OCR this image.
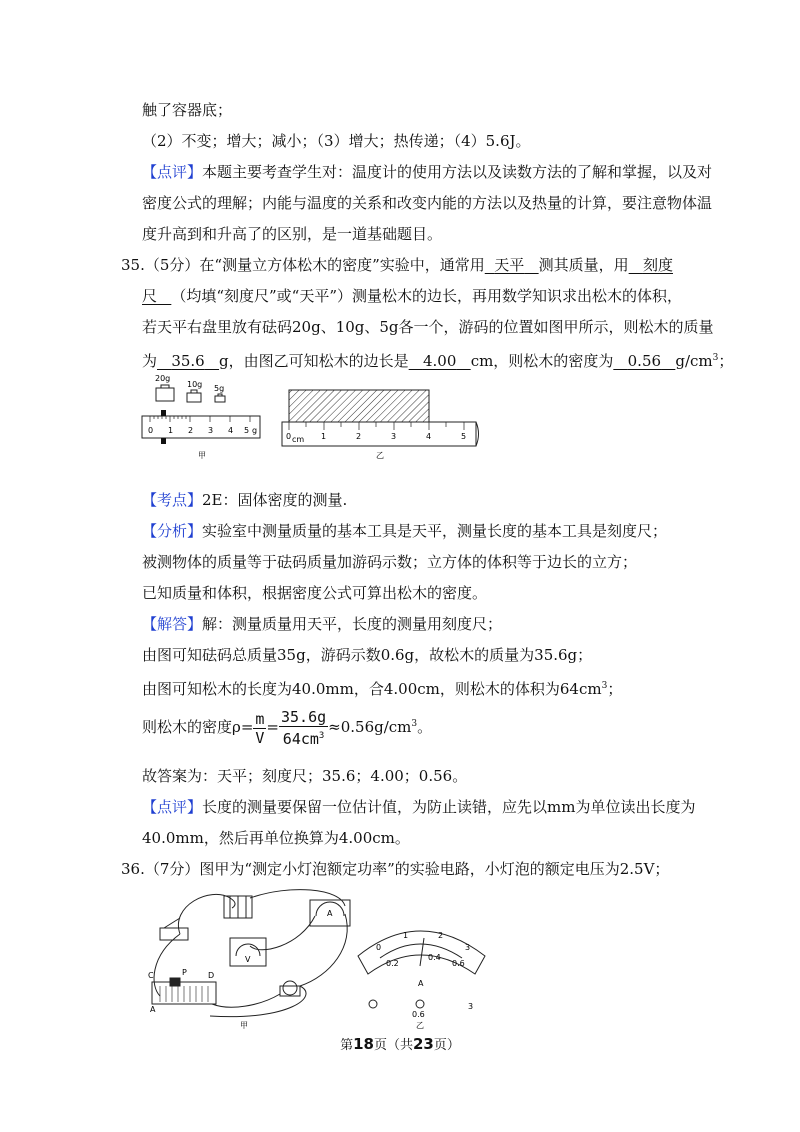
触了容器底；
（2）不变；增大；减小；（3）增大；热传递；（4）5.6J。
【点评】本题主要考查学生对：温度计的使用方法以及读数方法的了解和掌握，以及对
密度公式的理解；内能与温度的关系和改变内能的方法以及热量的计算，要注意物体温
度升高到和升高了的区别，是一道基础题目。
35.（5分）在“测量立方体松木的密度”实验中，通常用 天平 测其质量，用 刻度
尺 （均填“刻度尺”或“天平”）测量松木的边长，再用数学知识求出松木的体积，
若天平右盘里放有砝码20g、10g、5g各一个，游码的位置如图甲所示，则松木的质量
为 35.6 g，由图乙可知松木的边长是 4.00 cm，则松木的密度为 0.56 $g/cm^3$；
20g
10g 5g
0 1 2 3 4 5 g
甲
0 cm 1	2	3	4	5
乙
【考点】2E：固体密度的测量.
【分析】实验室中测量质量的基本工具是天平，测量长度的基本工具是刻度尺；
被测物体的质量等于砝码质量加游码示数；立方体的体积等于边长的立方；
已知质量和体积，根据密度公式可算出松木的密度。
【解答】解：测量质量用天平，长度的测量用刻度尺；
由图可知砝码总质量35g，游码示数0.6g，故松木的质量为35.6g；
由图可知松木的长度为40.0mm，合4.00cm，则松木的体积为$64cm^3$；
则松木的密度$\rho= \frac{m}{V} = \frac{35.6g}{64cm^3} \approx 0.56g/cm^3$。
故答案为：天平；刻度尺；35.6；4.00；0.56。
【点评】长度的测量要保留一位估计值，为防止读错，应先以mm为单位读出长度为
40.0mm，然后再单位换算为4.00cm。
36.（7分）图甲为“测定小灯泡额定功率”的实验电路，小灯泡的额定电压为2.5V；
C	P	D
A
A
V
甲
0
1	2
3
0.2
0.4
0.6
A
0.6
3
乙
第18页（共23页）
